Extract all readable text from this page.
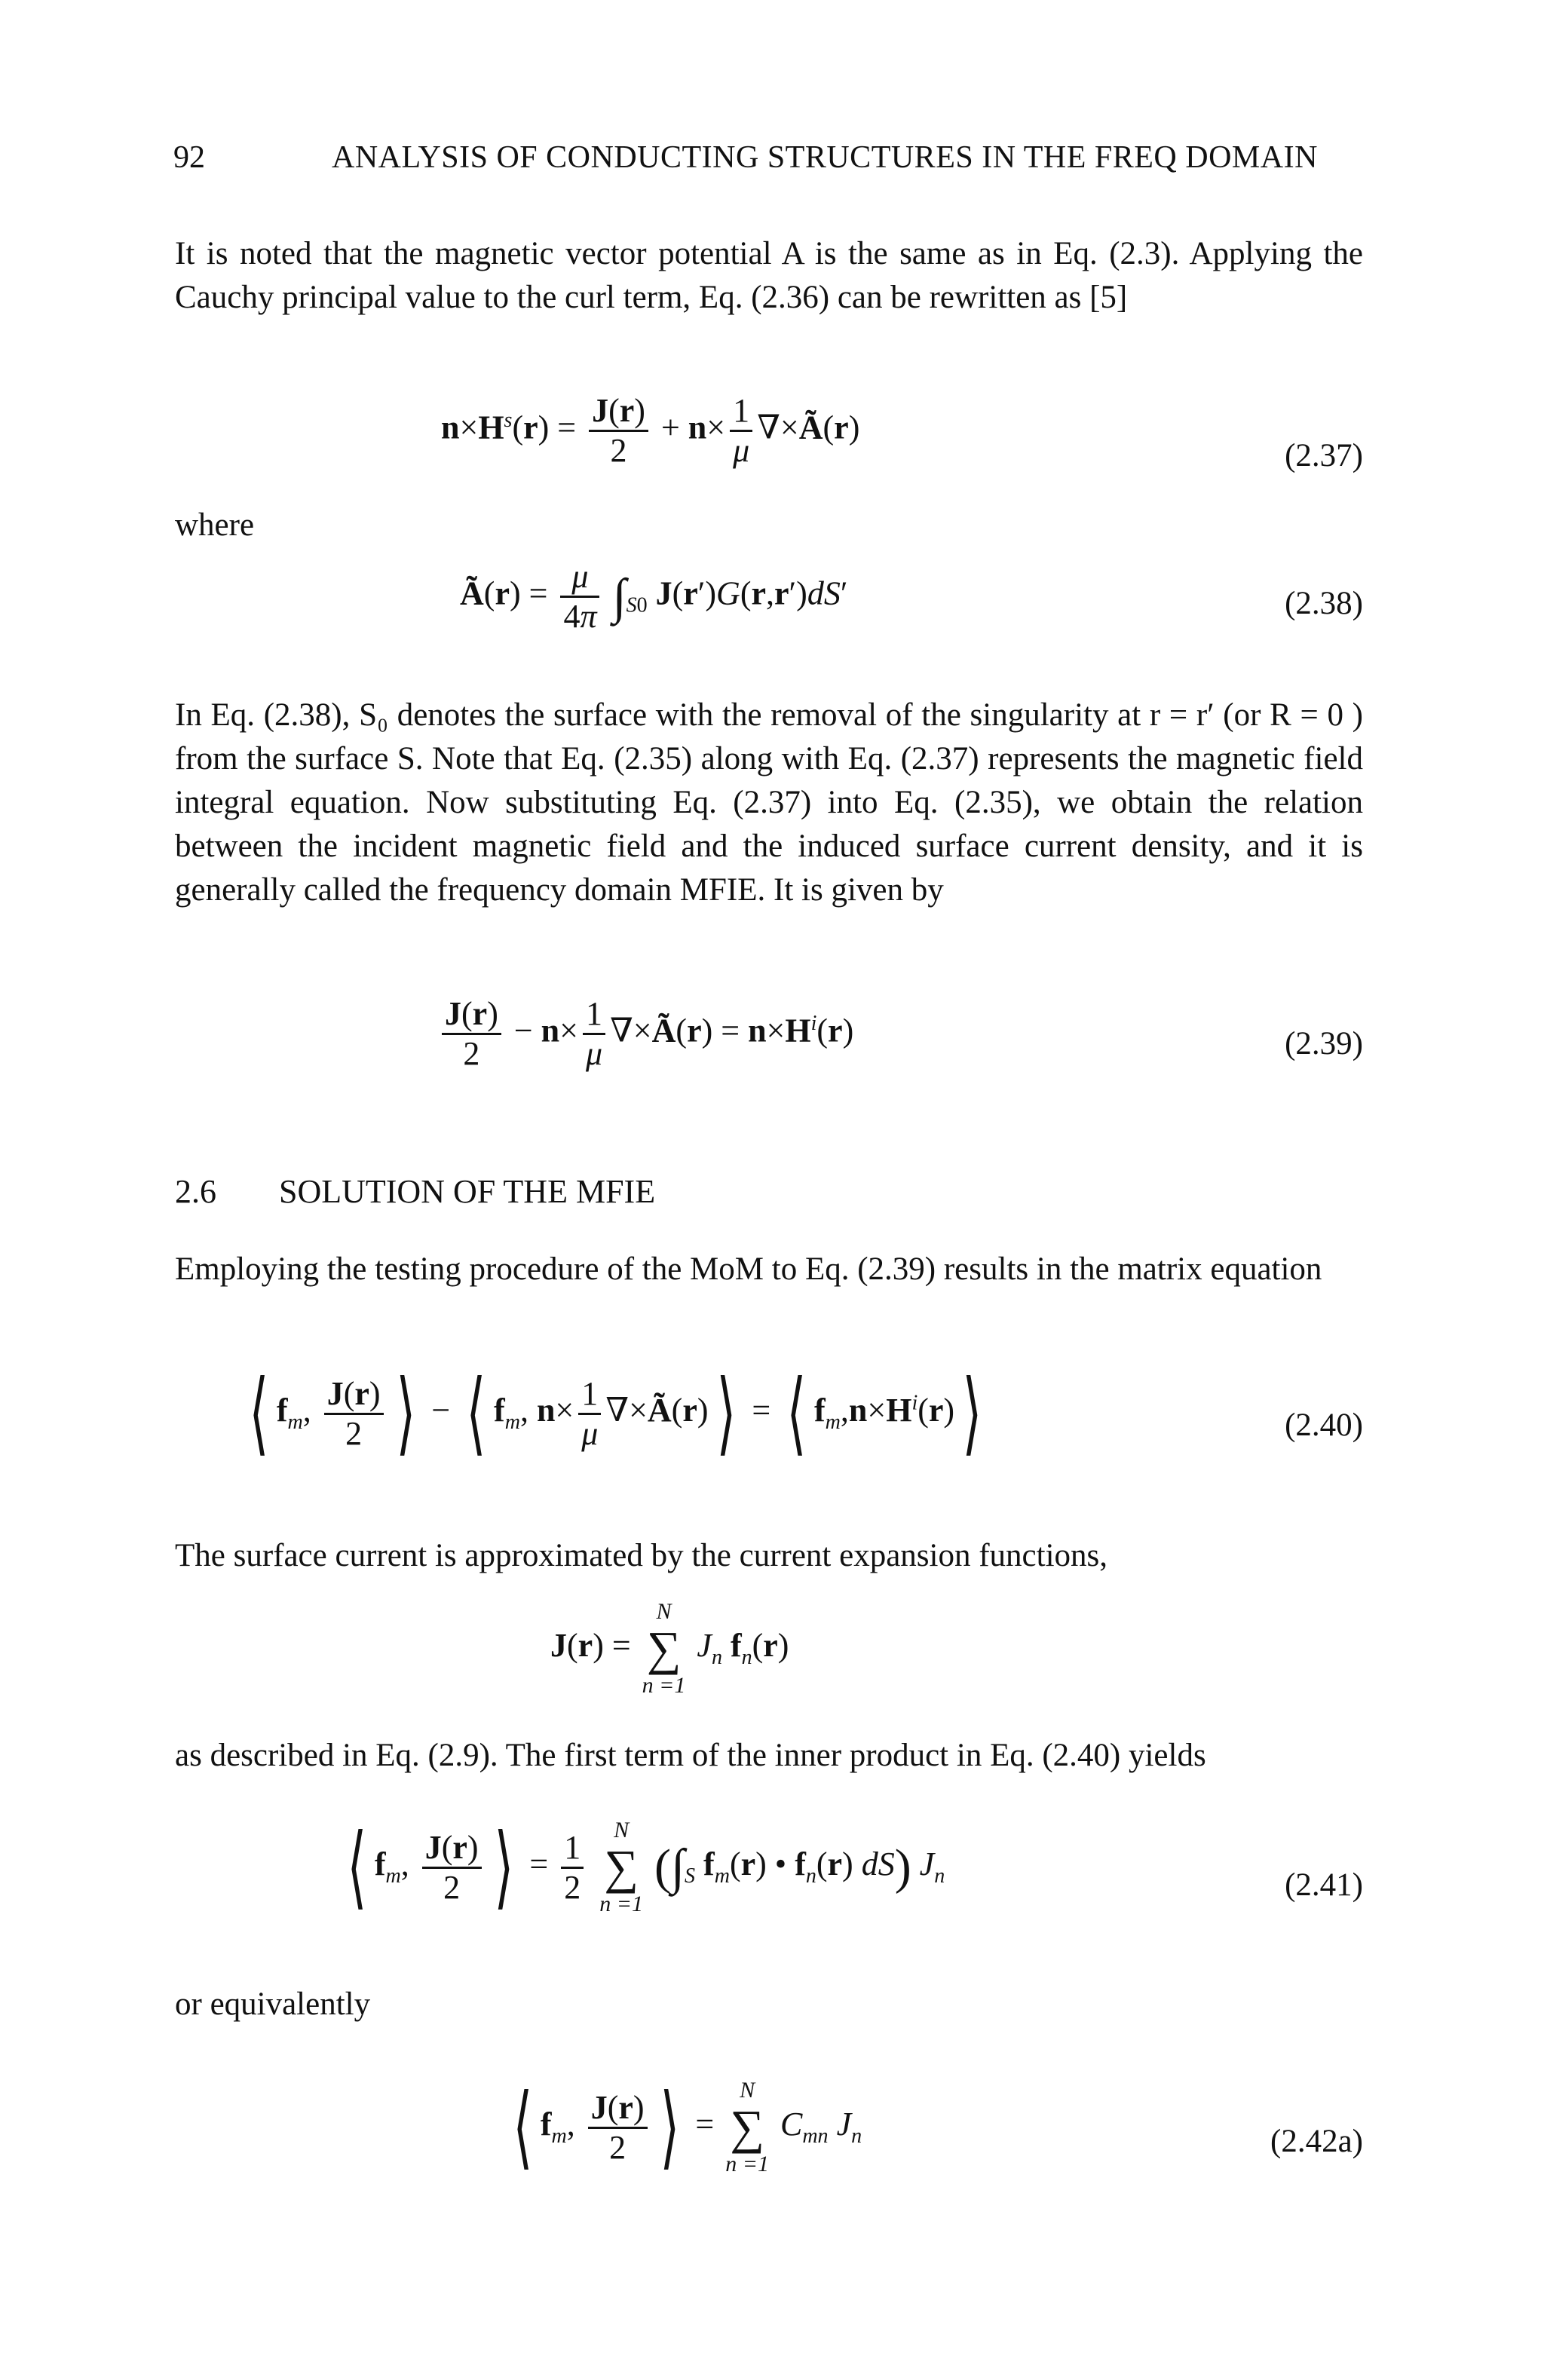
92	ANALYSIS OF CONDUCTING STRUCTURES IN THE FREQ DOMAIN
It is noted that the magnetic vector potential A is the same as in Eq. (2.3). Applying the Cauchy principal value to the curl term, Eq. (2.36) can be rewritten as [5]
$n\times H^s(r) = \frac{J(r)}{2} + n\times \frac{1}{\mu}$ ∇×Ã(r)
(2.37)
where
Ã(r) = $\frac{\mu}{4\pi} \int_{S0}$ J(r′)G(r,r′)dS′	(2.38)
In Eq. (2.38), S₀ denotes the surface with the removal of the singularity at r = r′ (or R = 0 ) from the surface S. Note that Eq. (2.35) along with Eq. (2.37) represents the magnetic field integral equation. Now substituting Eq. (2.37) into Eq. (2.35), we obtain the relation between the incident magnetic field and the induced surface current density, and it is generally called the frequency domain MFIE. It is given by
$\frac{J(r)}{2} - n\times \frac{1}{\mu}$ ∇×Ã(r) = $n\times H^i(r)$	(2.39)
2.6 SOLUTION OF THE MFIE
Employing the testing procedure of the MoM to Eq. (2.39) results in the matrix equation
⟨ $f_m$, $\frac{J(r)}{2}$ ⟩ − ⟨ $f_m$, $n\times \frac{1}{\mu}$ ∇×Ã(r)⟩ = ⟨ $f_m,n\times H^i(r)⟩$	(2.40)
The surface current is approximated by the current expansion functions,
J(r) =
N
∑
n =1
$J_n$ $f_n(r)$
as described in Eq. (2.9). The first term of the inner product in Eq. (2.40) yields
⟨ $f_m$, $\frac{J(r)}{2}$ ⟩ = $\frac{1}{2}$
	N
∑
n =1
($\int_S$ $f_m(r)$ • $f_n(r)$ dS) $J_n$	(2.41)
or equivalently
⟨ $f_m$, $\frac{J(r)}{2}$ ⟩ =
N
∑
n =1
$C_{mn}$ $J_n$	(2.42a)
